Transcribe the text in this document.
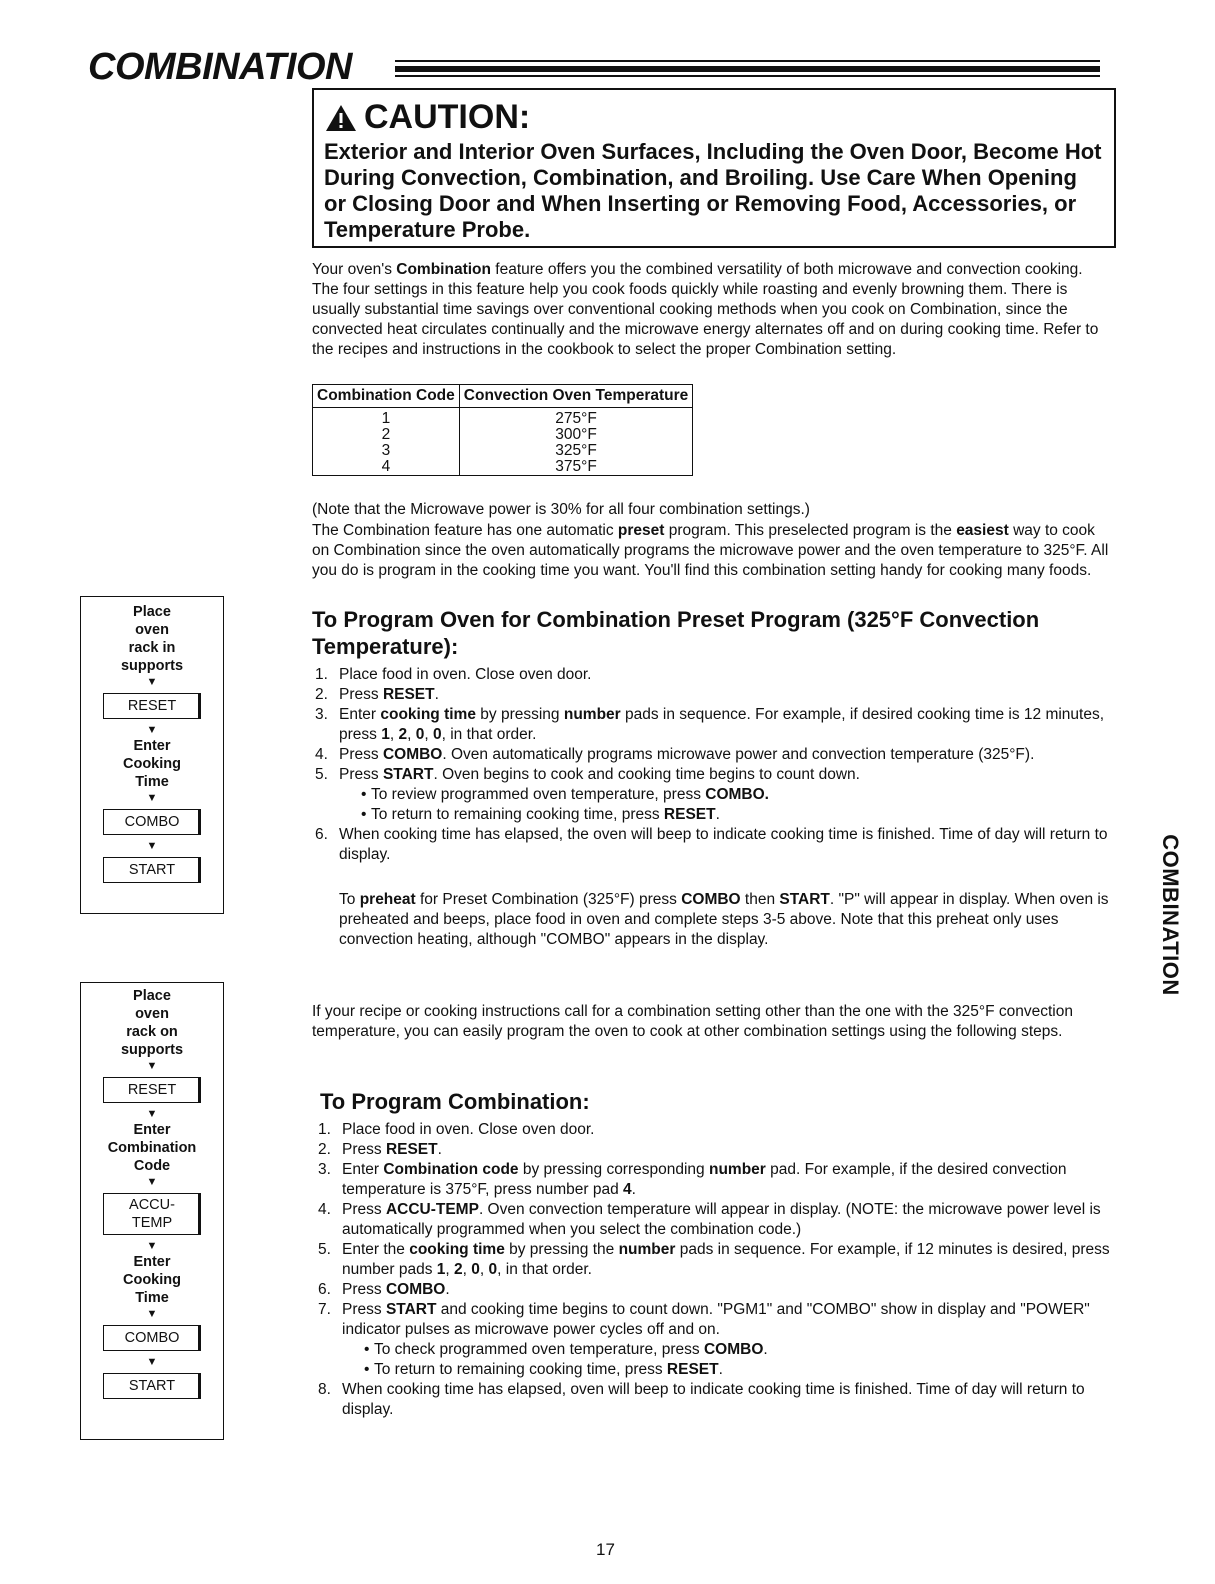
COMBINATION
CAUTION:
Exterior and Interior Oven Surfaces, Including the Oven Door, Become Hot During Convection, Combination, and Broiling. Use Care When Opening or Closing Door and When Inserting or Removing Food, Accessories, or Temperature Probe.
Your oven's Combination feature offers you the combined versatility of both microwave and convection cooking. The four settings in this feature help you cook foods quickly while roasting and evenly browning them. There is usually substantial time savings over conventional cooking methods when you cook on Combination, since the convected heat circulates continually and the microwave energy alternates off and on during cooking time. Refer to the recipes and instructions in the cookbook to select the proper Combination setting.
Combination Code	Convection Oven Temperature
1	275°F
2	300°F
3	325°F
4	375°F
(Note that the Microwave power is 30% for all four combination settings.)
The Combination feature has one automatic preset program. This preselected program is the easiest way to cook on Combination since the oven automatically programs the microwave power and the oven temperature to 325°F. All you do is program in the cooking time you want. You'll find this combination setting handy for cooking many foods.
To Program Oven for Combination Preset Program (325°F Convection Temperature):
1. Place food in oven. Close oven door.
2. Press RESET.
3. Enter cooking time by pressing number pads in sequence. For example, if desired cooking time is 12 minutes, press 1, 2, 0, 0, in that order.
4. Press COMBO. Oven automatically programs microwave power and convection temperature (325°F).
5. Press START. Oven begins to cook and cooking time begins to count down.
• To review programmed oven temperature, press COMBO.
• To return to remaining cooking time, press RESET.
6. When cooking time has elapsed, the oven will beep to indicate cooking time is finished. Time of day will return to display.
To preheat for Preset Combination (325°F) press COMBO then START. "P" will appear in display. When oven is preheated and beeps, place food in oven and complete steps 3-5 above. Note that this preheat only uses convection heating, although "COMBO" appears in the display.
If your recipe or cooking instructions call for a combination setting other than the one with the 325°F convection temperature, you can easily program the oven to cook at other combination settings using the following steps.
To Program Combination:
1. Place food in oven. Close oven door.
2. Press RESET.
3. Enter Combination code by pressing corresponding number pad. For example, if the desired convection temperature is 375°F, press number pad 4.
4. Press ACCU-TEMP. Oven convection temperature will appear in display. (NOTE: the microwave power level is automatically programmed when you select the combination code.)
5. Enter the cooking time by pressing the number pads in sequence. For example, if 12 minutes is desired, press number pads 1, 2, 0, 0, in that order.
6. Press COMBO.
7. Press START and cooking time begins to count down. "PGM1" and "COMBO" show in display and "POWER" indicator pulses as microwave power cycles off and on.
• To check programmed oven temperature, press COMBO.
• To return to remaining cooking time, press RESET.
8. When cooking time has elapsed, oven will beep to indicate cooking time is finished. Time of day will return to display.
Place
oven
rack in
supports
▼
RESET
▼
Enter
Cooking
Time
▼
COMBO
▼
START
Place
oven
rack on
supports
▼
RESET
▼
Enter
Combination
Code
▼
ACCU-
TEMP
▼
Enter
Cooking
Time
▼
COMBO
▼
START
COMBINATION
17
